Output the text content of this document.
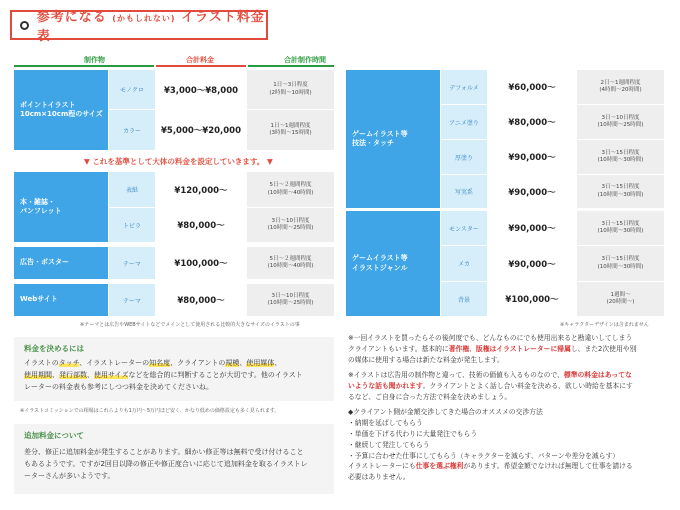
参考になる (かもしれない) イラスト料金表
制作物	合計料金	合計制作時間
ポイントイラスト
10cm×10cm程のサイズ
モノクロ	¥3,000〜¥8,000
1日〜3日程度
(2時間〜10時間)
カラー	¥5,000〜¥20,000
1日〜1週間程度
(3時間〜15時間)
▼ これを基準として大体の料金を設定していきます。 ▼
本・雑誌・
パンフレット
表紙	¥120,000〜
5日〜２週間程度
(10時間〜40時間)
トビラ	¥80,000〜
3日〜10日程度
(10時間〜25時間)
広告・ポスター	テーマ	¥100,000〜
5日〜２週間程度
(10時間〜40時間)
Webサイト	テーマ	¥80,000〜
3日〜10日程度
(10時間〜25時間)
※テーマとは広告やWEBサイトなどでメインとして使用される比較的大きなサイズのイラストの事
ゲームイラスト等
技法・タッチ
デフォルメ	¥60,000〜
2日〜1週間程度
(4時間〜20時間)
アニメ塗り	¥80,000〜
3日〜10日程度
(10時間〜25時間)
厚塗り	¥90,000〜
3日〜15日程度
(10時間〜30時間)
写実系	¥90,000〜
3日〜15日程度
(10時間〜30時間)
ゲームイラスト等
イラストジャンル
モンスター	¥90,000〜
3日〜15日程度
(10時間〜30時間)
メカ	¥90,000〜
3日〜15日程度
(10時間〜30時間)
背景	¥100,000〜
1週間〜
(20時間〜)
※キャラクターデザインは含まれません
料金を決めるには
イラストのタッチ、イラストレーターの知名度、クライアントの規模、使用媒体、
使用期間、発行部数、使用サイズなどを総合的に判断することが大切です。他のイラスト
レーターの料金表も参考にしつつ料金を決めてくださいね。
※イラストコミッションでの相場はこれらよりも1万円〜5万円ほど安く、かなり低めの価格設定も多く見られます。
追加料金について
差分、修正に追加料金が発生することがあります。細かい修正等は無料で受け付けること
もあるようです。ですが2回目以降の修正や修正度合いに応じて追加料金を取るイラストレ
ーターさんが多いようです。
※一回イラストを買ったらその後何度でも、どんなものにでも使用出来ると勘違いしてしまう
クライアントもいます。基本的に著作権、版権はイラストレーターに帰属し、また2次使用や別
の媒体に使用する場合は新たな料金が発生します。
※イラストは広告用の制作物と違って、技術の価値も入るものなので、標準の料金はあってな
いような話も聞かれます。クライアントとよく話し合い料金を決める、欲しい時給を基本にす
るなど、ご自身に合った方法で料金を決めましょう。
◆クライアント側が金額交渉してきた場合のオススメの交渉方法
・納期を延ばしてもらう
・単価を下げる代わりに大量発注でもらう
・継続して発注してもらう
・予算に合わせた仕事にしてもらう（キャラクターを減らす、パターンや差分を減らす）
イラストレーターにも仕事を選ぶ権利があります。希望金額でなければ無理して仕事を請ける
必要はありません。
